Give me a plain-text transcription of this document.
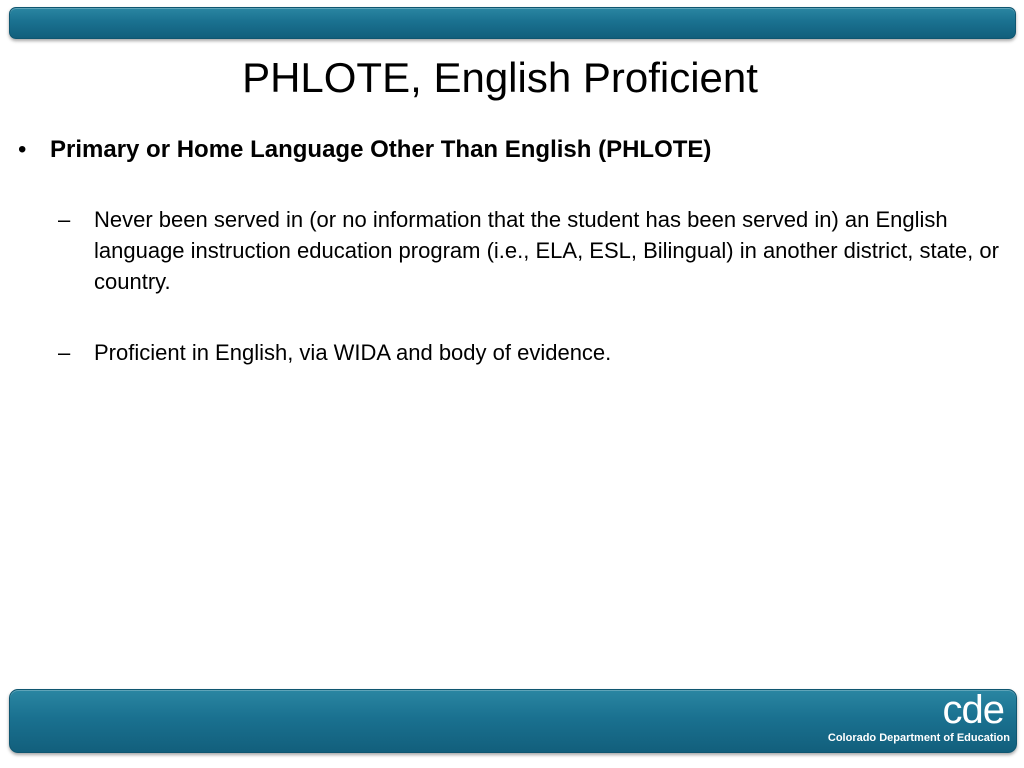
PHLOTE, English Proficient
• Primary or Home Language Other Than English (PHLOTE)
–	Never been served in (or no information that the student has been served in) an English language instruction education program (i.e., ELA, ESL, Bilingual) in another district, state, or country.
–	Proficient in English, via WIDA and body of evidence.
cde
Colorado Department of Education
